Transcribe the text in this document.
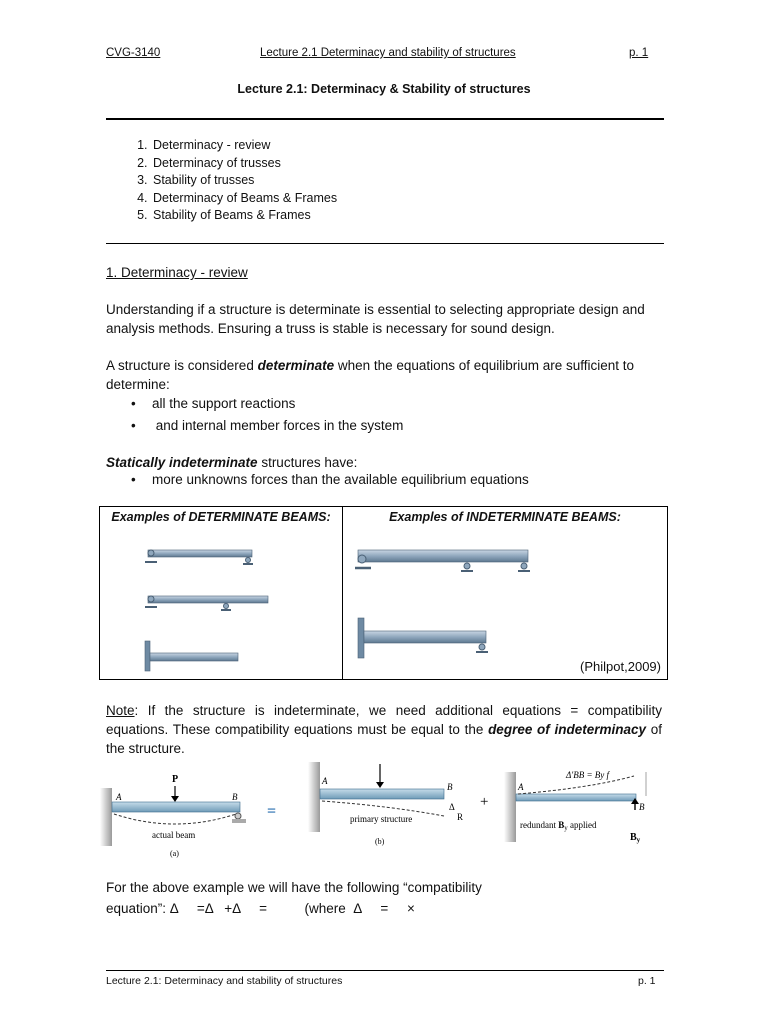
CVG-3140	Lecture 2.1 Determinacy and stability of structures	p. 1
Lecture 2.1: Determinacy & Stability of structures
1. Determinacy - review
2. Determinacy of trusses
3. Stability of trusses
4. Determinacy of Beams & Frames
5. Stability of Beams & Frames
1. Determinacy - review
Understanding if a structure is determinate is essential to selecting appropriate design and analysis methods. Ensuring a truss is stable is necessary for sound design.
A structure is considered determinate when the equations of equilibrium are sufficient to determine:
• all the support reactions
• and internal member forces in the system
Statically indeterminate structures have:
• more unknowns forces than the available equilibrium equations
Examples of DETERMINATE BEAMS:	Examples of INDETERMINATE BEAMS:
(Philpot,2009)
Note: If the structure is indeterminate, we need additional equations = compatibility equations. These compatibility equations must be equal to the degree of indeterminacy of the structure.
P
A	B
actual beam
(a)
=
A
B
Δ
R
primary structure
(b)
+
A
B
Δ'BB = By f
redundant $B_y$ applied
$B_y$
For the above example we will have the following “compatibility
equation”: Δ     =Δ   +Δ     =          (where  Δ     =     ×
Lecture 2.1: Determinacy and stability of structures	p. 1
